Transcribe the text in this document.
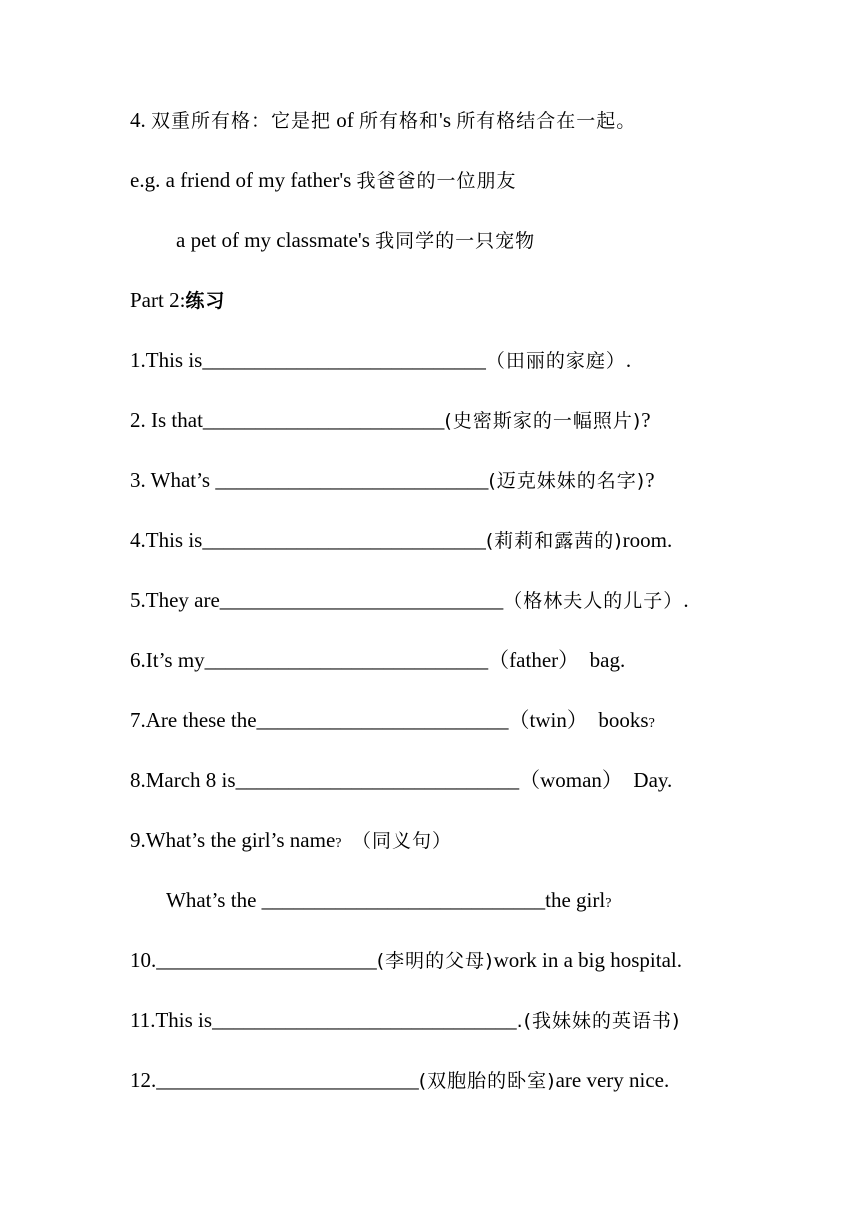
4. 双重所有格：它是把 of 所有格和's 所有格结合在一起。
e.g. a friend of my father's 我爸爸的一位朋友
a pet of my classmate's 我同学的一只宠物
Part 2:练习
1.This is___________________________（田丽的家庭）.
2. Is that_______________________(史密斯家的一幅照片)?
3. What’s __________________________(迈克妹妹的名字)?
4.This is___________________________(莉莉和露茜的)room.
5.They are___________________________（格林夫人的儿子）.
6.It’s my___________________________（father）  bag.
7.Are these the________________________（twin）  books?
8.March 8 is___________________________（woman）  Day.
9.What’s the girl’s name? （同义句）
What’s the ___________________________the girl?
10._____________________(李明的父母)work in a big hospital.
11.This is_____________________________.(我妹妹的英语书)
12._________________________(双胞胎的卧室)are very nice.
